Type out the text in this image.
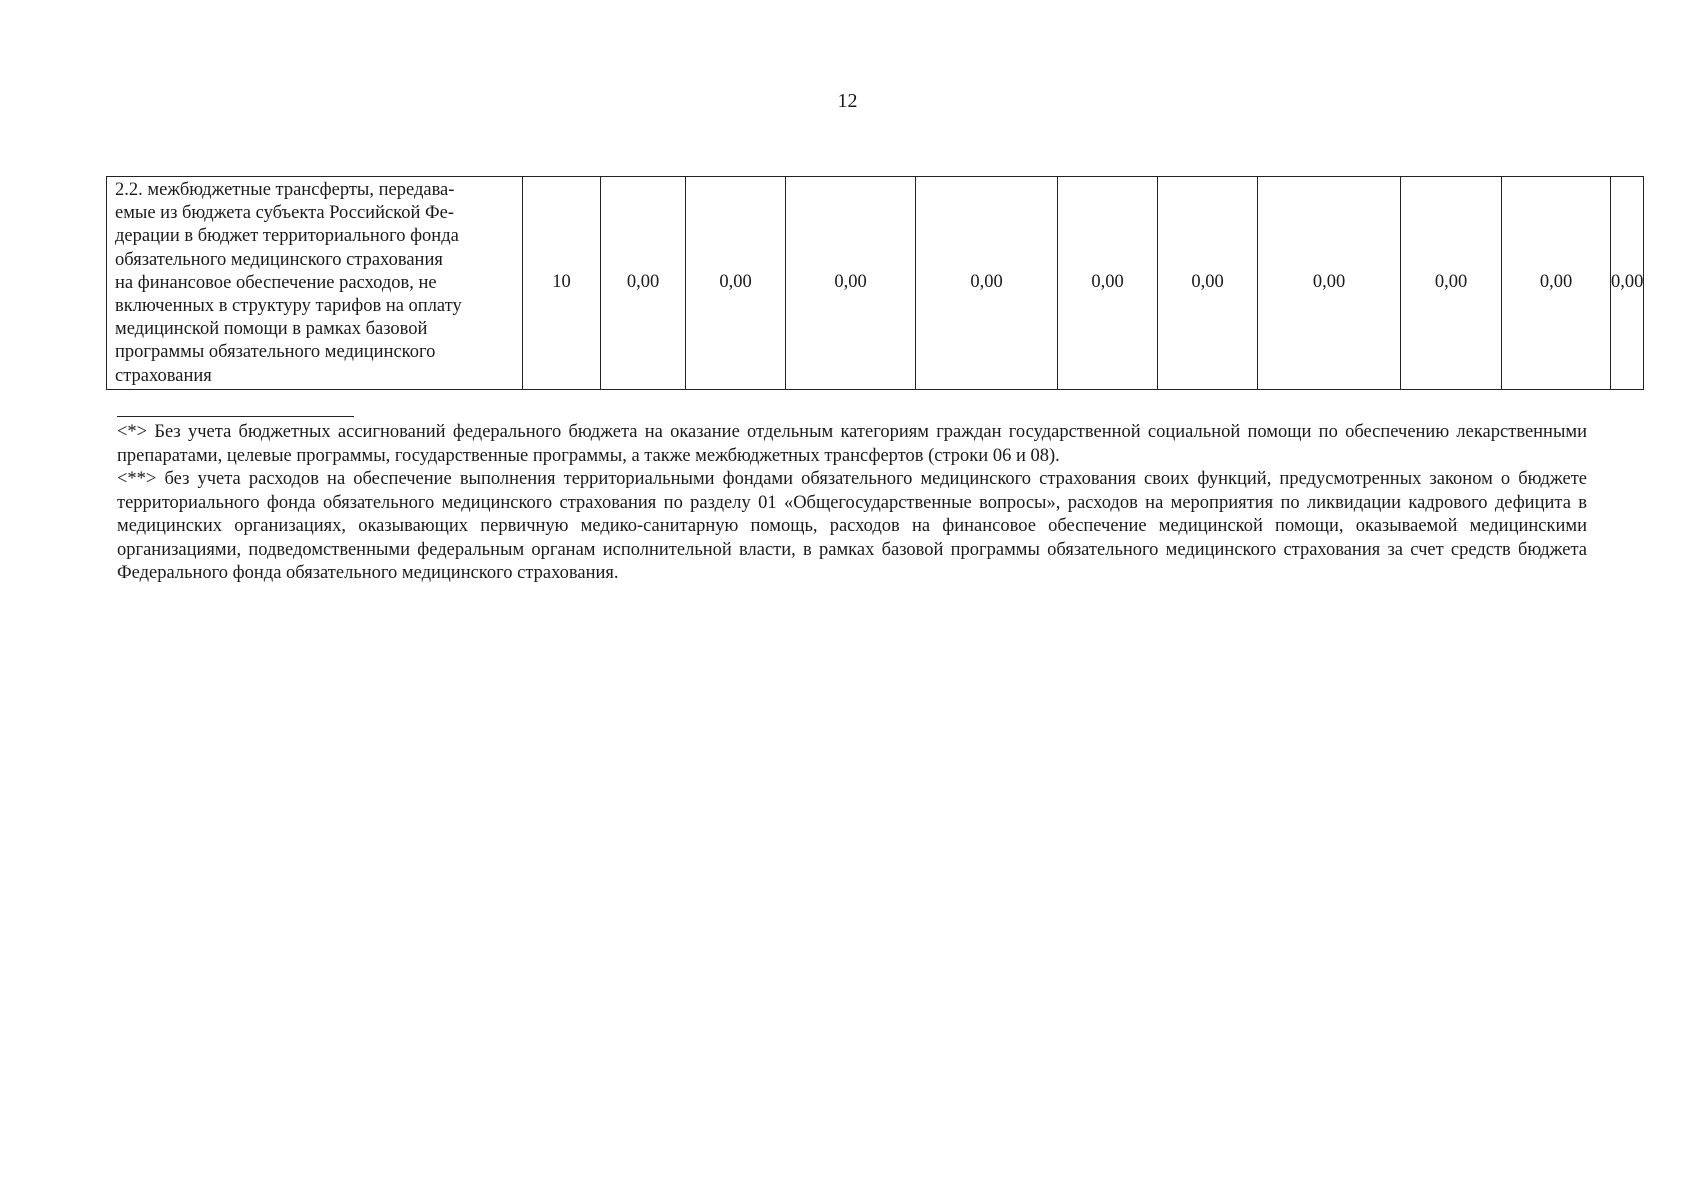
12
2.2. межбюджетные трансферты, передава-
емые из бюджета субъекта Российской Фе-
дерации в бюджет территориального фонда
обязательного медицинского страхования
на финансовое обеспечение расходов, не
включенных в структуру тарифов на оплату
медицинской помощи в рамках базовой
программы обязательного медицинского
страхования
	10	0,00	0,00	0,00	0,00	0,00	0,00	0,00	0,00	0,00	0,00

<*> Без учета бюджетных ассигнований федерального бюджета на оказание отдельным категориям граждан государственной социальной помощи по обеспечению лекарственными препаратами, целевые программы, государственные программы, а также межбюджетных трансфертов (строки 06 и 08).

<**> без учета расходов на обеспечение выполнения территориальными фондами обязательного медицинского страхования своих функций, предусмотренных законом о бюджете территориального фонда обязательного медицинского страхования по разделу 01 «Общегосударственные вопросы», расходов на мероприятия по ликвидации кадрового дефицита в медицинских организациях, оказывающих первичную медико-санитарную помощь, расходов на финансовое обеспечение медицинской помощи, оказываемой медицинскими организациями, подведомственными федеральным органам исполнительной власти, в рамках базовой программы обязательного медицинского страхования за счет средств бюджета Федерального фонда обязательного медицинского страхования.
